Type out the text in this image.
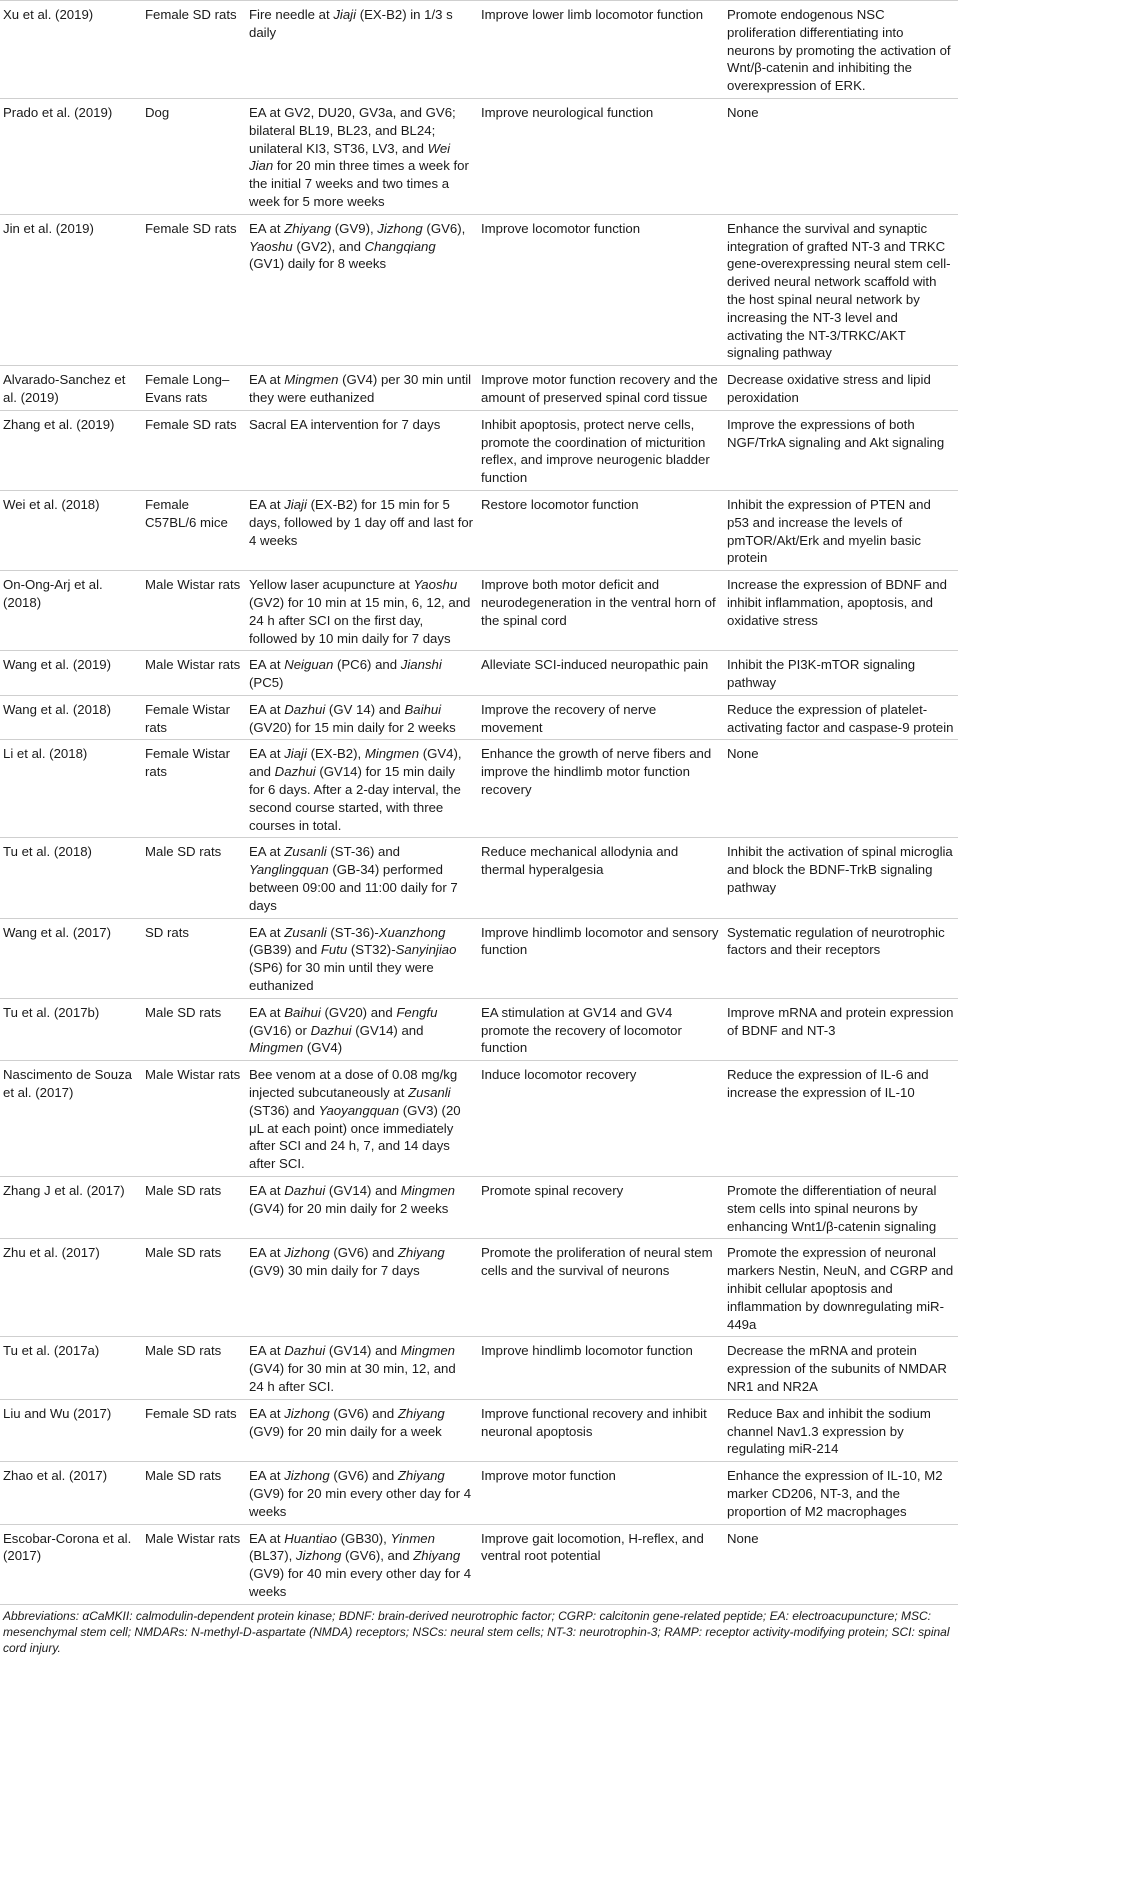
Xu et al. (2019)	Female SD rats	Fire needle at Jiaji (EX-B2) in 1/3 s daily	Improve lower limb locomotor function	Promote endogenous NSC proliferation differentiating into neurons by promoting the activation of Wnt/β-catenin and inhibiting the overexpression of ERK.
Prado et al. (2019)	Dog	EA at GV2, DU20, GV3a, and GV6; bilateral BL19, BL23, and BL24; unilateral KI3, ST36, LV3, and Wei Jian for 20 min three times a week for the initial 7 weeks and two times a week for 5 more weeks	Improve neurological function	None
Jin et al. (2019)	Female SD rats	EA at Zhiyang (GV9), Jizhong (GV6), Yaoshu (GV2), and Changqiang (GV1) daily for 8 weeks	Improve locomotor function	Enhance the survival and synaptic integration of grafted NT-3 and TRKC gene-overexpressing neural stem cell-derived neural network scaffold with the host spinal neural network by increasing the NT-3 level and activating the NT-3/TRKC/AKT signaling pathway
Alvarado-Sanchez et al. (2019)	Female Long–Evans rats	EA at Mingmen (GV4) per 30 min until they were euthanized	Improve motor function recovery and the amount of preserved spinal cord tissue	Decrease oxidative stress and lipid peroxidation
Zhang et al. (2019)	Female SD rats	Sacral EA intervention for 7 days	Inhibit apoptosis, protect nerve cells, promote the coordination of micturition reflex, and improve neurogenic bladder function	Improve the expressions of both NGF/TrkA signaling and Akt signaling
Wei et al. (2018)	Female C57BL/6 mice	EA at Jiaji (EX-B2) for 15 min for 5 days, followed by 1 day off and last for 4 weeks	Restore locomotor function	Inhibit the expression of PTEN and p53 and increase the levels of pmTOR/Akt/Erk and myelin basic protein
On-Ong-Arj et al. (2018)	Male Wistar rats	Yellow laser acupuncture at Yaoshu (GV2) for 10 min at 15 min, 6, 12, and 24 h after SCI on the first day, followed by 10 min daily for 7 days	Improve both motor deficit and neurodegeneration in the ventral horn of the spinal cord	Increase the expression of BDNF and inhibit inflammation, apoptosis, and oxidative stress
Wang et al. (2019)	Male Wistar rats	EA at Neiguan (PC6) and Jianshi (PC5)	Alleviate SCI-induced neuropathic pain	Inhibit the PI3K-mTOR signaling pathway
Wang et al. (2018)	Female Wistar rats	EA at Dazhui (GV 14) and Baihui (GV20) for 15 min daily for 2 weeks	Improve the recovery of nerve movement	Reduce the expression of platelet-activating factor and caspase-9 protein
Li et al. (2018)	Female Wistar rats	EA at Jiaji (EX-B2), Mingmen (GV4), and Dazhui (GV14) for 15 min daily for 6 days. After a 2-day interval, the second course started, with three courses in total.	Enhance the growth of nerve fibers and improve the hindlimb motor function recovery	None
Tu et al. (2018)	Male SD rats	EA at Zusanli (ST-36) and Yanglingquan (GB-34) performed between 09:00 and 11:00 daily for 7 days	Reduce mechanical allodynia and thermal hyperalgesia	Inhibit the activation of spinal microglia and block the BDNF-TrkB signaling pathway
Wang et al. (2017)	SD rats	EA at Zusanli (ST-36)-Xuanzhong (GB39) and Futu (ST32)-Sanyinjiao (SP6) for 30 min until they were euthanized	Improve hindlimb locomotor and sensory function	Systematic regulation of neurotrophic factors and their receptors
Tu et al. (2017b)	Male SD rats	EA at Baihui (GV20) and Fengfu (GV16) or Dazhui (GV14) and Mingmen (GV4)	EA stimulation at GV14 and GV4 promote the recovery of locomotor function	Improve mRNA and protein expression of BDNF and NT-3
Nascimento de Souza et al. (2017)	Male Wistar rats	Bee venom at a dose of 0.08 mg/kg injected subcutaneously at Zusanli (ST36) and Yaoyangquan (GV3) (20 μL at each point) once immediately after SCI and 24 h, 7, and 14 days after SCI.	Induce locomotor recovery	Reduce the expression of IL-6 and increase the expression of IL-10
Zhang J et al. (2017)	Male SD rats	EA at Dazhui (GV14) and Mingmen (GV4) for 20 min daily for 2 weeks	Promote spinal recovery	Promote the differentiation of neural stem cells into spinal neurons by enhancing Wnt1/β-catenin signaling
Zhu et al. (2017)	Male SD rats	EA at Jizhong (GV6) and Zhiyang (GV9) 30 min daily for 7 days	Promote the proliferation of neural stem cells and the survival of neurons	Promote the expression of neuronal markers Nestin, NeuN, and CGRP and inhibit cellular apoptosis and inflammation by downregulating miR-449a
Tu et al. (2017a)	Male SD rats	EA at Dazhui (GV14) and Mingmen (GV4) for 30 min at 30 min, 12, and 24 h after SCI.	Improve hindlimb locomotor function	Decrease the mRNA and protein expression of the subunits of NMDAR NR1 and NR2A
Liu and Wu (2017)	Female SD rats	EA at Jizhong (GV6) and Zhiyang (GV9) for 20 min daily for a week	Improve functional recovery and inhibit neuronal apoptosis	Reduce Bax and inhibit the sodium channel Nav1.3 expression by regulating miR-214
Zhao et al. (2017)	Male SD rats	EA at Jizhong (GV6) and Zhiyang (GV9) for 20 min every other day for 4 weeks	Improve motor function	Enhance the expression of IL-10, M2 marker CD206, NT-3, and the proportion of M2 macrophages
Escobar-Corona et al. (2017)	Male Wistar rats	EA at Huantiao (GB30), Yinmen (BL37), Jizhong (GV6), and Zhiyang (GV9) for 40 min every other day for 4 weeks	Improve gait locomotion, H-reflex, and ventral root potential	None
Abbreviations: αCaMKII: calmodulin-dependent protein kinase; BDNF: brain-derived neurotrophic factor; CGRP: calcitonin gene-related peptide; EA: electroacupuncture; MSC: mesenchymal stem cell; NMDARs: N-methyl-D-aspartate (NMDA) receptors; NSCs: neural stem cells; NT-3: neurotrophin-3; RAMP: receptor activity-modifying protein; SCI: spinal cord injury.
